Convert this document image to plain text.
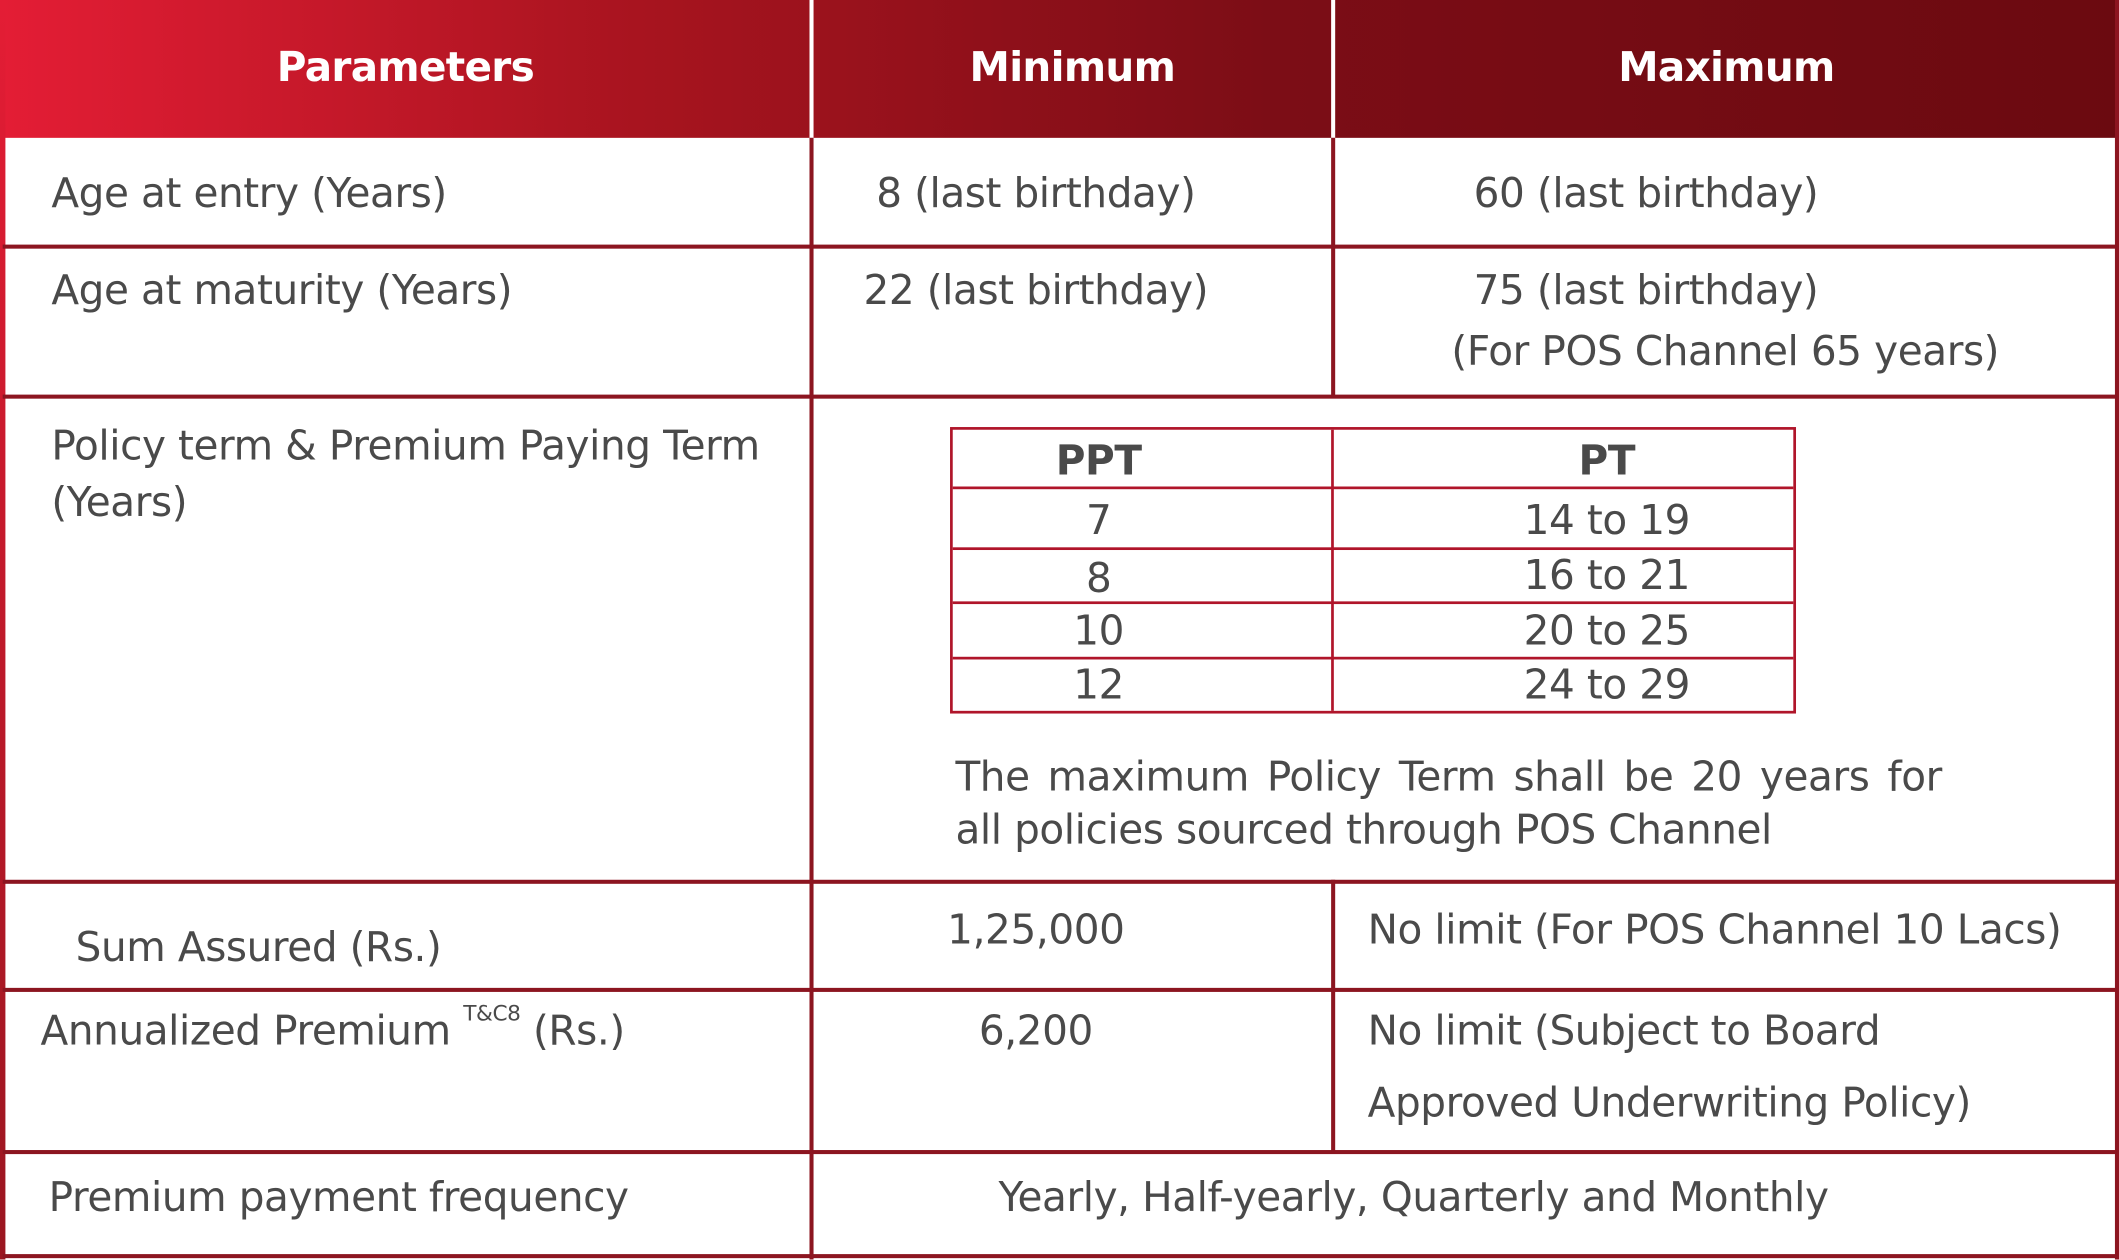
Parameters	Minimum	Maximum
Age at entry (Years)	8 (last birthday)	60 (last birthday)
Age at maturity (Years)	22 (last birthday)	75 (last birthday)
(For POS Channel 65 years)
Policy term & Premium Paying Term
(Years)
PPT	PT
7	14 to 19
8	16 to 21
10	20 to 25
12	24 to 29
The maximum Policy Term shall be 20 years for
all policies sourced through POS Channel
Sum Assured (Rs.)	1,25,000	No limit (For POS Channel 10 Lacs)
Annualized Premium $^{T\&C8}$ (Rs.)	6,200	No limit (Subject to Board
Approved Underwriting Policy)
Premium payment frequency	Yearly, Half-yearly, Quarterly and Monthly
